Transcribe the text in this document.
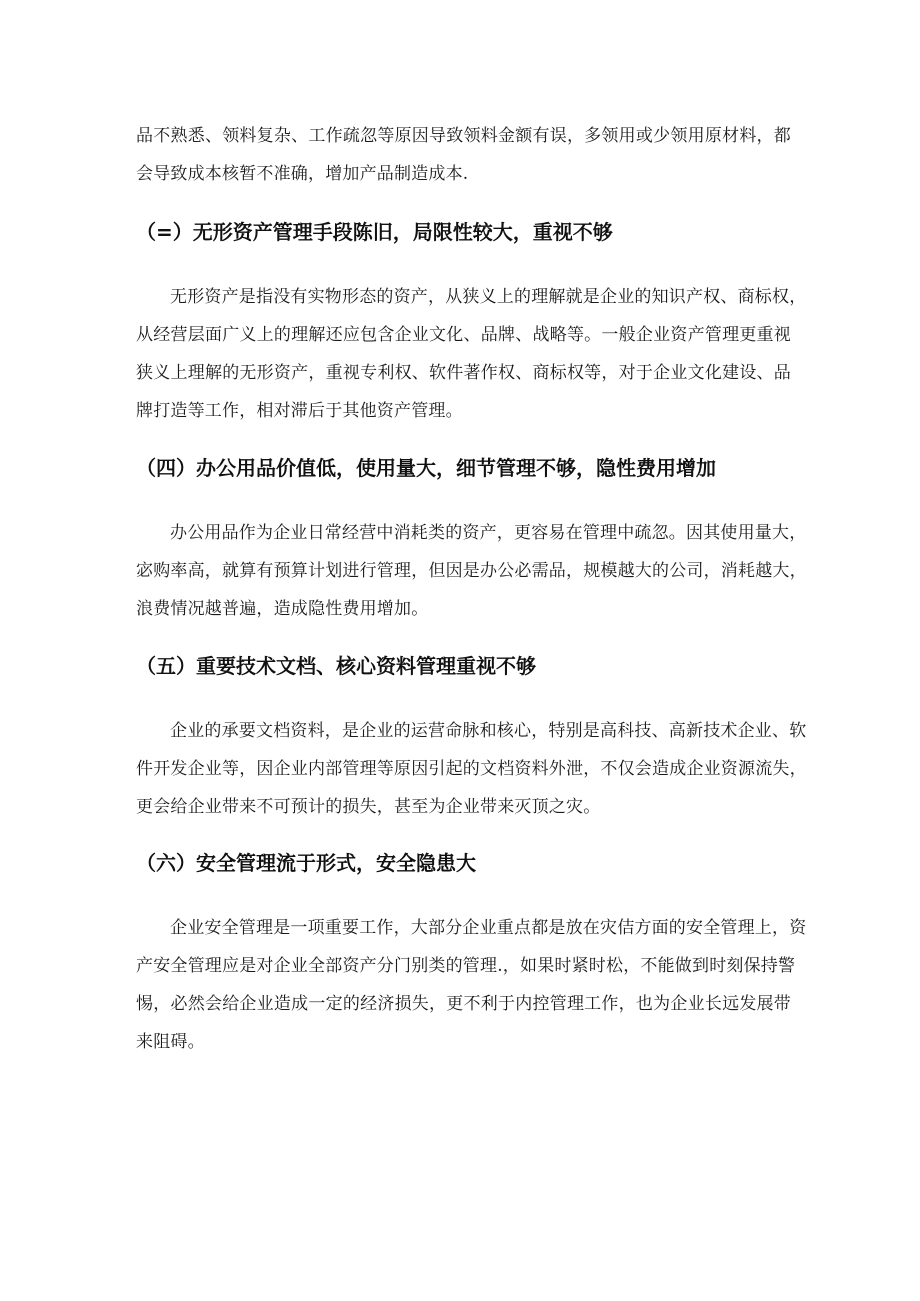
品不熟悉、领料复杂、工作疏忽等原因导致领料金额有误，多领用或少领用原材料，都
会导致成本核暂不准确，增加产品制造成本.

（=）无形资产管理手段陈旧，局限性较大，重视不够

无形资产是指没有实物形态的资产，从狭义上的理解就是企业的知识产权、商标权，
从经营层面广义上的理解还应包含企业文化、品牌、战略等。一般企业资产管理更重视
狭义上理解的无形资产，重视专利权、软件著作权、商标权等，对于企业文化建设、品
牌打造等工作，相对滞后于其他资产管理。

（四）办公用品价值低，使用量大，细节管理不够，隐性费用增加

办公用品作为企业日常经营中消耗类的资产，更容易在管理中疏忽。因其使用量大，
宓购率高，就算有预算计划进行管理，但因是办公必需品，规模越大的公司，消耗越大，
浪费情况越普遍，造成隐性费用增加。

（五）重要技术文档、核心资料管理重视不够

企业的承要文档资料，是企业的运营命脉和核心，特别是高科技、高新技术企业、软
件开发企业等，因企业内部管理等原因引起的文档资料外泄，不仅会造成企业资源流失，
更会给企业带来不可预计的损失，甚至为企业带来灭顶之灾。

（六）安全管理流于形式，安全隐患大

企业安全管理是一项重要工作，大部分企业重点都是放在灾佶方面的安全管理上，资
产安全管理应是对企业全部资产分门别类的管理.，如果时紧时松，不能做到时刻保持警
惕，必然会给企业造成一定的经济损失，更不利于内控管理工作，也为企业长远发展带
来阻碍。
